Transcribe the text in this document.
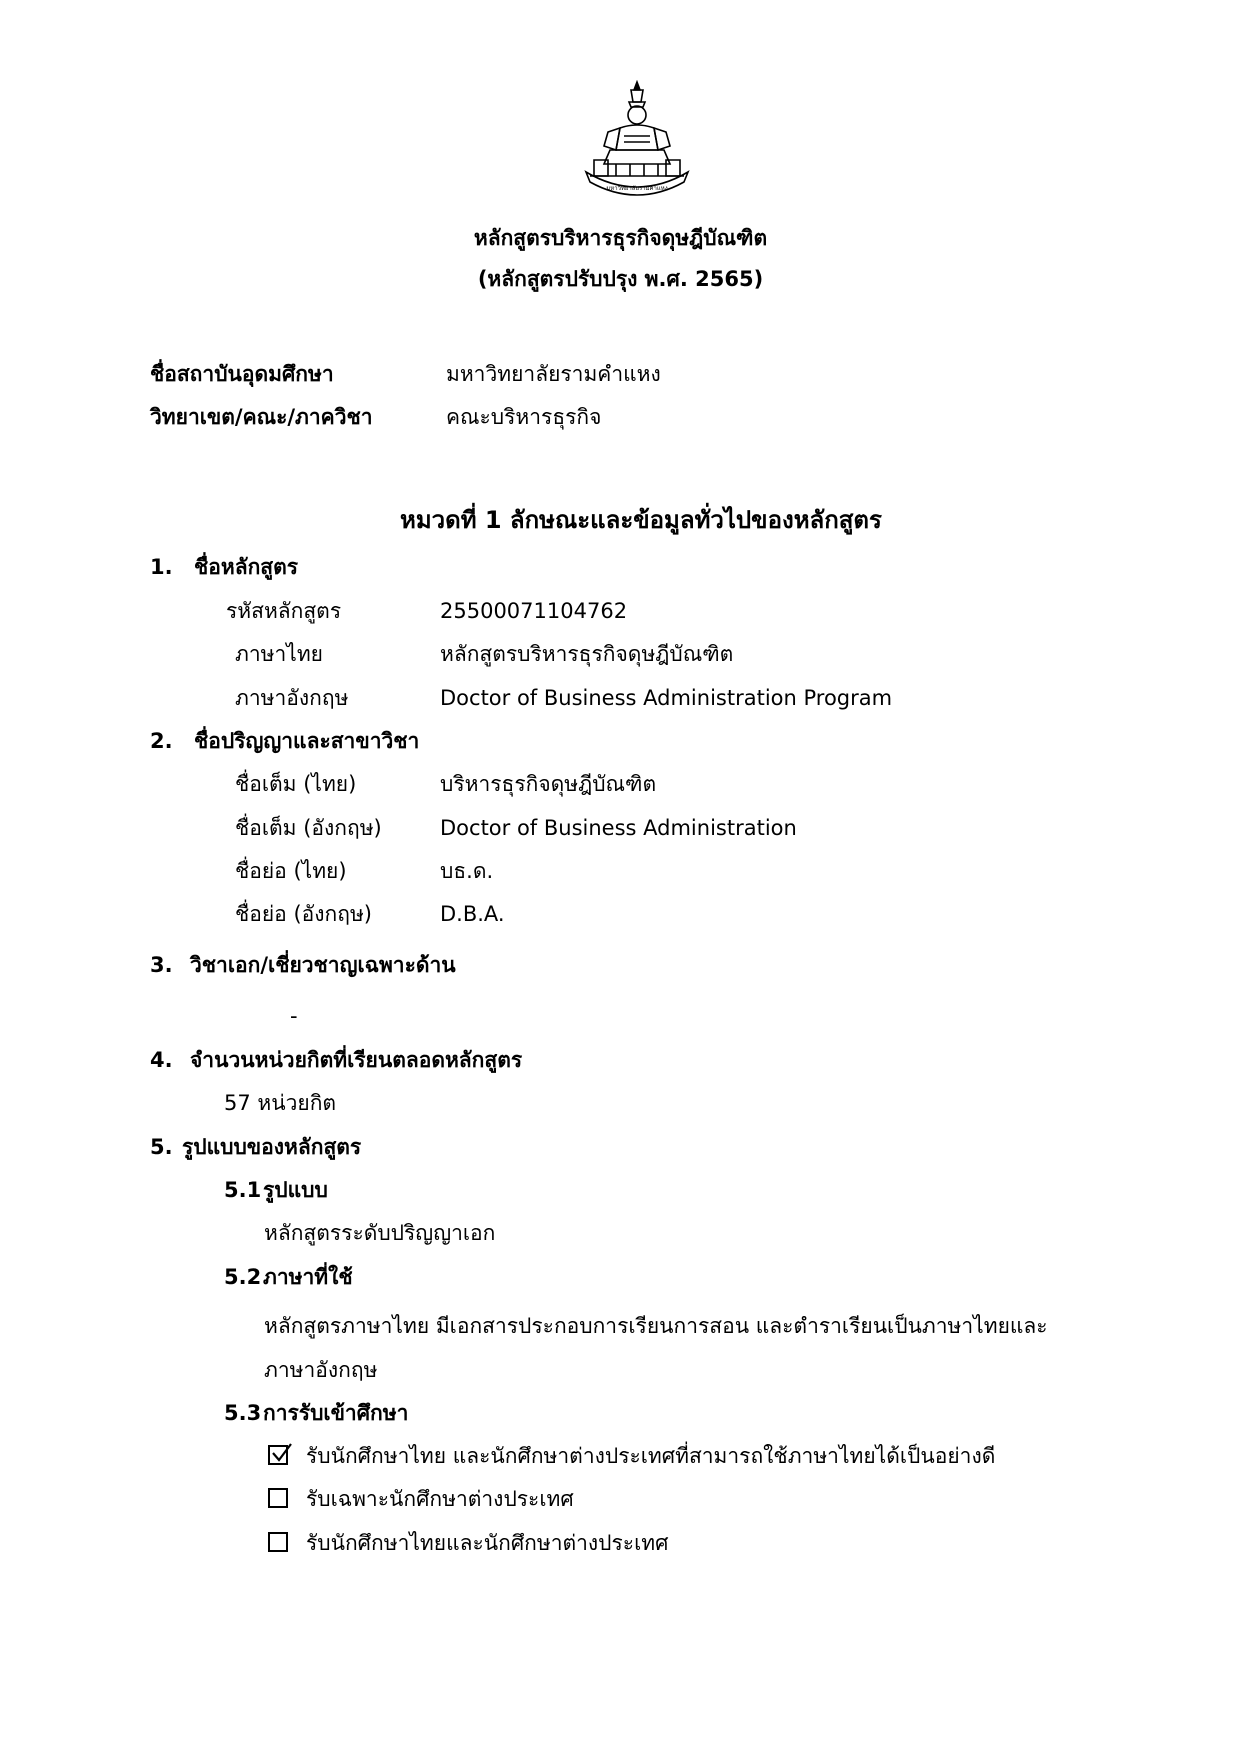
มหาวิทยาลัยรามคำแหง
หลักสูตรบริหารธุรกิจดุษฎีบัณฑิต
(หลักสูตรปรับปรุง พ.ศ. 2565)
ชื่อสถาบันอุดมศึกษา	มหาวิทยาลัยรามคำแหง
วิทยาเขต/คณะ/ภาควิชา	คณะบริหารธุรกิจ
หมวดที่ 1 ลักษณะและข้อมูลทั่วไปของหลักสูตร
1. ชื่อหลักสูตร
รหัสหลักสูตร	25500071104762
ภาษาไทย	หลักสูตรบริหารธุรกิจดุษฎีบัณฑิต
ภาษาอังกฤษ	Doctor of Business Administration Program
2. ชื่อปริญญาและสาขาวิชา
ชื่อเต็ม (ไทย)	บริหารธุรกิจดุษฎีบัณฑิต
ชื่อเต็ม (อังกฤษ)	Doctor of Business Administration
ชื่อย่อ (ไทย)	บธ.ด.
ชื่อย่อ (อังกฤษ)	D.B.A.
3. วิชาเอก/เชี่ยวชาญเฉพาะด้าน
-
4. จำนวนหน่วยกิตที่เรียนตลอดหลักสูตร
57 หน่วยกิต
5. รูปแบบของหลักสูตร
5.1 รูปแบบ
หลักสูตรระดับปริญญาเอก
5.2 ภาษาที่ใช้
หลักสูตรภาษาไทย มีเอกสารประกอบการเรียนการสอน และตำราเรียนเป็นภาษาไทยและ
ภาษาอังกฤษ
5.3 การรับเข้าศึกษา
รับนักศึกษาไทย และนักศึกษาต่างประเทศที่สามารถใช้ภาษาไทยได้เป็นอย่างดี
รับเฉพาะนักศึกษาต่างประเทศ
รับนักศึกษาไทยและนักศึกษาต่างประเทศ
